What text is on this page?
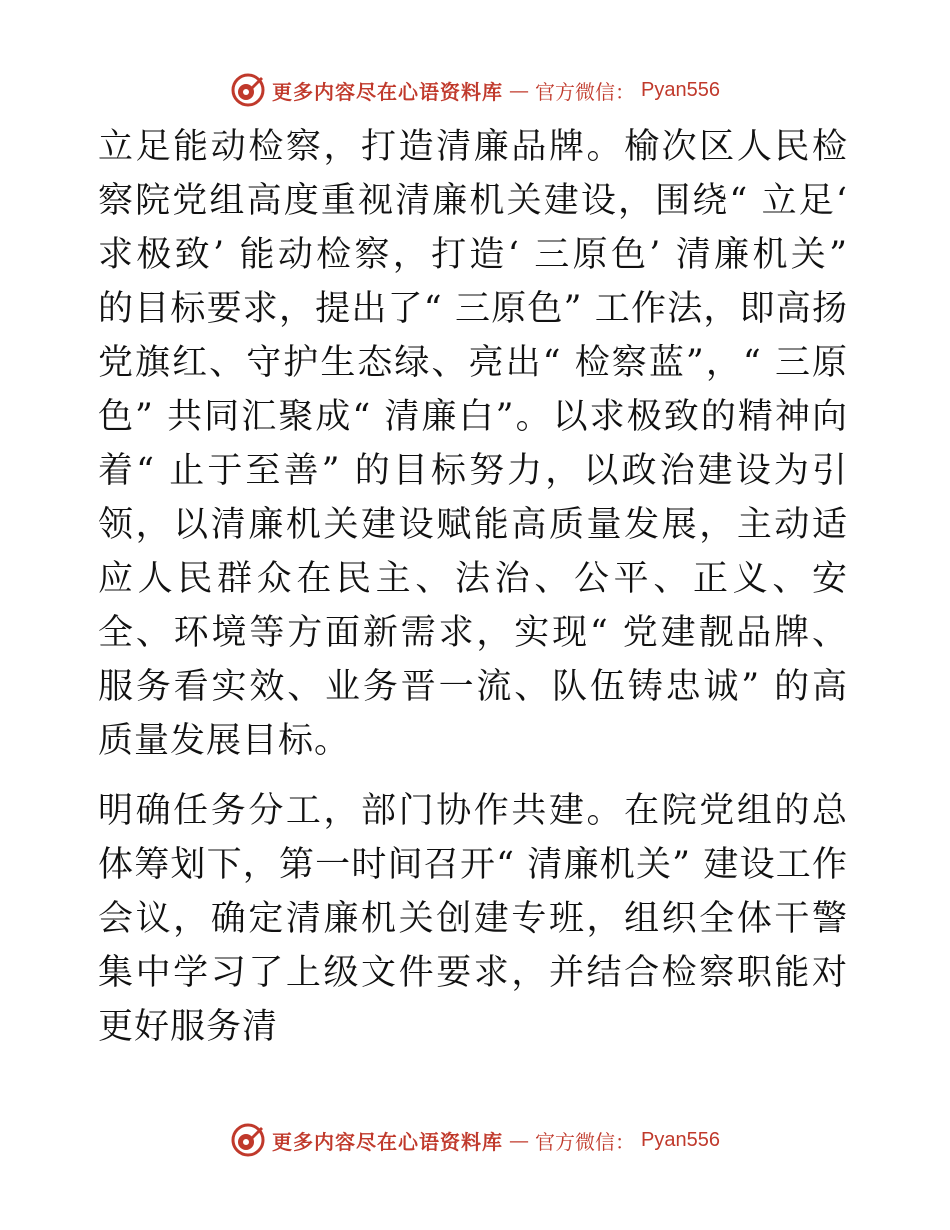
更多内容尽在心语资料库 — 官方微信： Pyan556

立足能动检察，打造清廉品牌。榆次区人民检察院党组高度重视清廉机关建设，围绕“ 立足‘ 求极致’ 能动检察，打造‘ 三原色’ 清廉机关” 的目标要求，提出了“ 三原色” 工作法，即高扬党旗红、守护生态绿、亮出“ 检察蓝”，“ 三原色” 共同汇聚成“ 清廉白”。以求极致的精神向着“ 止于至善” 的目标努力，以政治建设为引领，以清廉机关建设赋能高质量发展，主动适应人民群众在民主、法治、公平、正义、安全、环境等方面新需求，实现“ 党建靓品牌、服务看实效、业务晋一流、队伍铸忠诚” 的高质量发展目标。

明确任务分工，部门协作共建。在院党组的总体筹划下，第一时间召开“ 清廉机关” 建设工作会议，确定清廉机关创建专班，组织全体干警集中学习了上级文件要求，并结合检察职能对更好服务清

更多内容尽在心语资料库 — 官方微信： Pyan556
